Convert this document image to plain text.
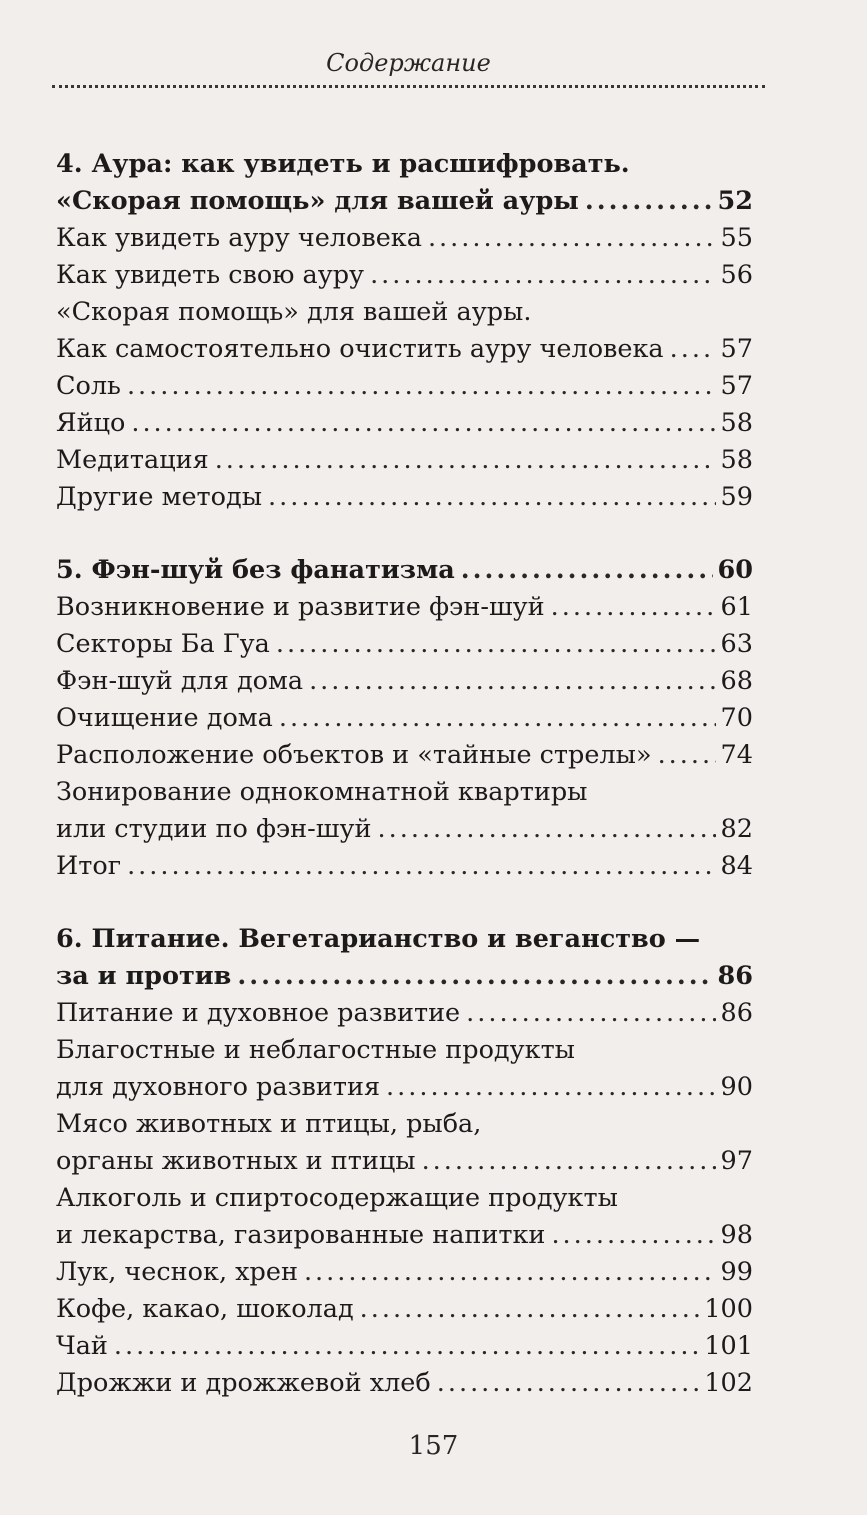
Содержание
4. Аура: как увидеть и расшифровать.
«Скорая помощь» для вашей ауры .....	52
Как увидеть ауру человека .....	55
Как увидеть свою ауру .....	56
«Скорая помощь» для вашей ауры.
Как самостоятельно очистить ауру человека ..... 57
Соль .....	57
Яйцо .....	58
Медитация .....	58
Другие методы .....	59
5. Фэн-шуй без фанатизма .....	60
Возникновение и развитие фэн-шуй .....	61
Секторы Ба Гуа .....	63
Фэн-шуй для дома .....	68
Очищение дома .....	70
Расположение объектов и «тайные стрелы» .....	74
Зонирование однокомнатной квартиры
или студии по фэн-шуй .....	82
Итог .....	84
6. Питание. Вегетарианство и веганство —
за и против .....	86
Питание и духовное развитие .....	86
Благостные и неблагостные продукты
для духовного развития .....	90
Мясо животных и птицы, рыба,
органы животных и птицы .....	97
Алкоголь и спиртосодержащие продукты
и лекарства, газированные напитки .....	98
Лук, чеснок, хрен .....	99
Кофе, какао, шоколад .....	100
Чай .....	101
Дрожжи и дрожжевой хлеб .....	102
157
